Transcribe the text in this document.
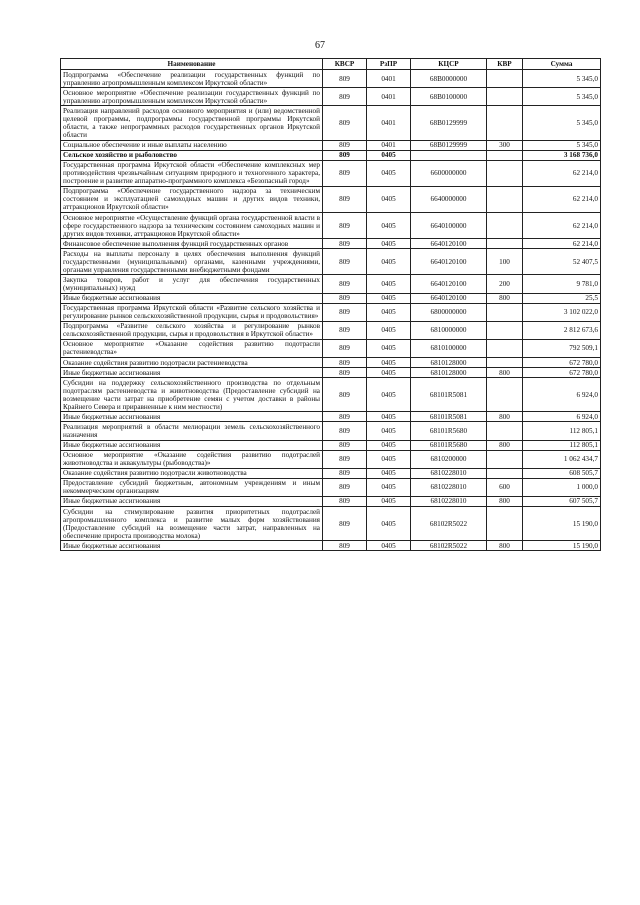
67
Наименование	КВСР	РзПР	КЦСР	КВР	Сумма
Подпрограмма «Обеспечение реализации государственных функций по управлению агропромышленным комплексом Иркутской области»	809	0401	68В0000000		5 345,0
Основное мероприятие «Обеспечение реализации государственных функций по управлению агропромышленным комплексом Иркутской области»	809	0401	68В0100000		5 345,0
Реализация направлений расходов основного мероприятия и (или) ведомственной целевой программы, подпрограммы государственной программы Иркутской области, а также непрограммных расходов государственных органов Иркутской области	809	0401	68В0129999		5 345,0
Социальное обеспечение и иные выплаты населению	809	0401	68В0129999	300	5 345,0
Сельское хозяйство и рыболовство	809	0405			3 168 736,0
Государственная программа Иркутской области «Обеспечение комплексных мер противодействия чрезвычайным ситуациям природного и техногенного характера, построение и развитие аппаратно-программного комплекса «Безопасный город»	809	0405	6600000000		62 214,0
Подпрограмма «Обеспечение государственного надзора за техническим состоянием и эксплуатацией самоходных машин и других видов техники, аттракционов Иркутской области»	809	0405	6640000000		62 214,0
Основное мероприятие «Осуществление функций органа государственной власти в сфере государственного надзора за техническим состоянием самоходных машин и других видов техники, аттракционов Иркутской области»	809	0405	6640100000		62 214,0
Финансовое обеспечение выполнения функций государственных органов	809	0405	6640120100		62 214,0
Расходы на выплаты персоналу в целях обеспечения выполнения функций государственными (муниципальными) органами, казенными учреждениями, органами управления государственными внебюджетными фондами	809	0405	6640120100	100	52 407,5
Закупка товаров, работ и услуг для обеспечения государственных (муниципальных) нужд	809	0405	6640120100	200	9 781,0
Иные бюджетные ассигнования	809	0405	6640120100	800	25,5
Государственная программа Иркутской области «Развитие сельского хозяйства и регулирование рынков сельскохозяйственной продукции, сырья и продовольствия»	809	0405	6800000000		3 102 022,0
Подпрограмма «Развитие сельского хозяйства и регулирование рынков сельскохозяйственной продукции, сырья и продовольствия в Иркутской области»	809	0405	6810000000		2 812 673,6
Основное мероприятие «Оказание содействия развитию подотрасли растениеводства»	809	0405	6810100000		792 509,1
Оказание содействия развитию подотрасли растениеводства	809	0405	6810128000		672 780,0
Иные бюджетные ассигнования	809	0405	6810128000	800	672 780,0
Субсидии на поддержку сельскохозяйственного производства по отдельным подотраслям растениеводства и животноводства (Предоставление субсидий на возмещение части затрат на приобретение семян с учетом доставки в районы Крайнего Севера и приравненные к ним местности)	809	0405	68101R5081		6 924,0
Иные бюджетные ассигнования	809	0405	68101R5081	800	6 924,0
Реализация мероприятий в области мелиорации земель сельскохозяйственного назначения	809	0405	68101R5680		112 805,1
Иные бюджетные ассигнования	809	0405	68101R5680	800	112 805,1
Основное мероприятие «Оказание содействия развитию подотраслей животноводства и аквакультуры (рыбоводства)»	809	0405	6810200000		1 062 434,7
Оказание содействия развитию подотрасли животноводства	809	0405	6810228010		608 505,7
Предоставление субсидий бюджетным, автономным учреждениям и иным некоммерческим организациям	809	0405	6810228010	600	1 000,0
Иные бюджетные ассигнования	809	0405	6810228010	800	607 505,7
Субсидии на стимулирование развития приоритетных подотраслей агропромышленного комплекса и развитие малых форм хозяйствования (Предоставление субсидий на возмещение части затрат, направленных на обеспечение прироста производства молока)	809	0405	68102R5022		15 190,0
Иные бюджетные ассигнования	809	0405	68102R5022	800	15 190,0
